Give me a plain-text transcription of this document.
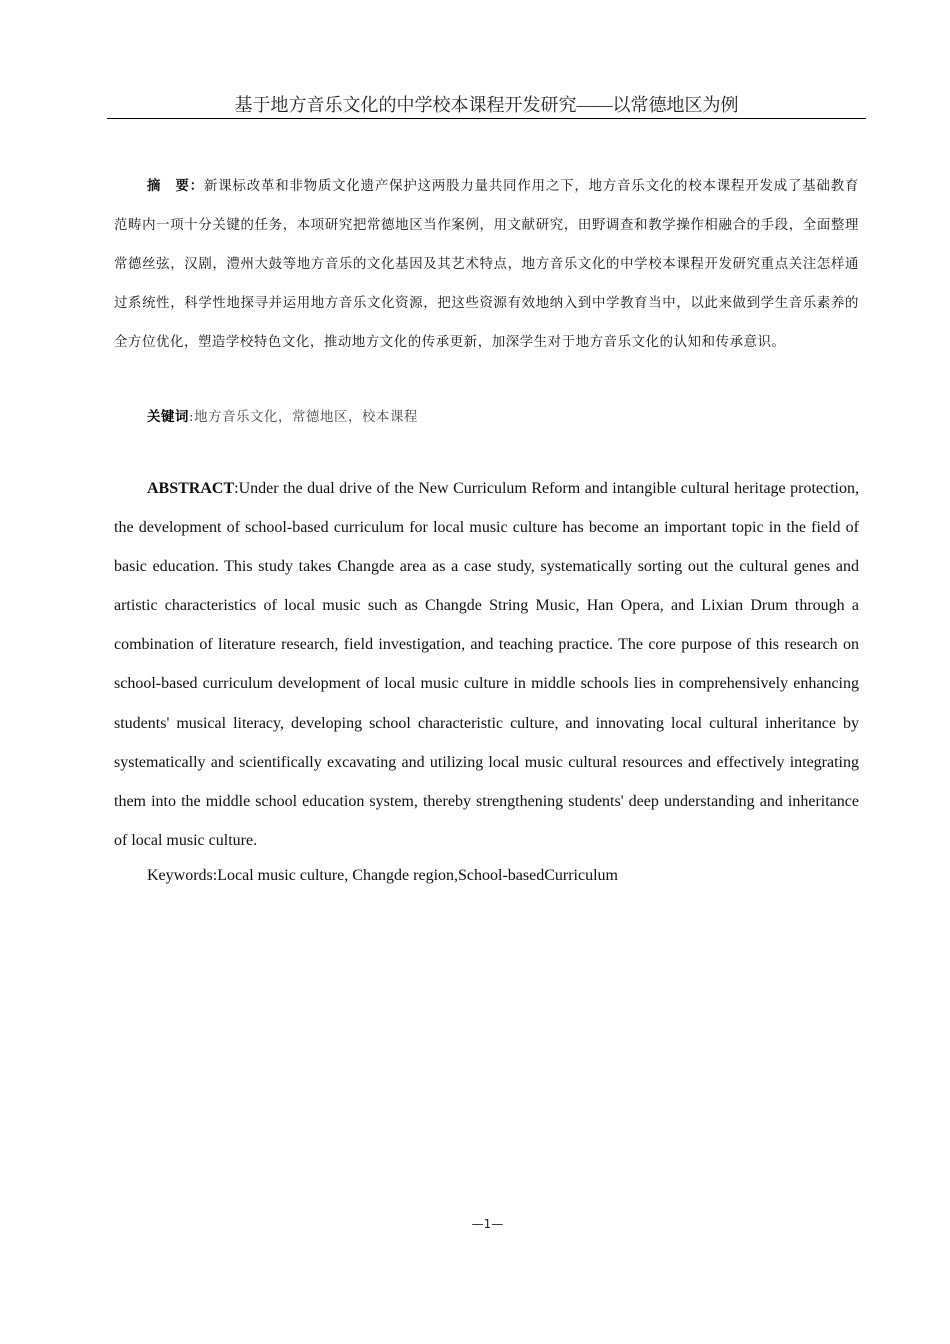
基于地方音乐文化的中学校本课程开发研究——以常德地区为例

摘　要：新课标改革和非物质文化遗产保护这两股力量共同作用之下，地方音乐文化的校本课程开发成了基础教育范畴内一项十分关键的任务，本项研究把常德地区当作案例，用文献研究，田野调查和教学操作相融合的手段，全面整理常德丝弦，汉剧，澧州大鼓等地方音乐的文化基因及其艺术特点，地方音乐文化的中学校本课程开发研究重点关注怎样通过系统性，科学性地探寻并运用地方音乐文化资源，把这些资源有效地纳入到中学教育当中，以此来做到学生音乐素养的全方位优化，塑造学校特色文化，推动地方文化的传承更新，加深学生对于地方音乐文化的认知和传承意识。

关键词:地方音乐文化，常德地区，校本课程

ABSTRACT:Under the dual drive of the New Curriculum Reform and intangible cultural heritage protection, the development of school-based curriculum for local music culture has become an important topic in the field of basic education. This study takes Changde area as a case study, systematically sorting out the cultural genes and artistic characteristics of local music such as Changde String Music, Han Opera, and Lixian Drum through a combination of literature research, field investigation, and teaching practice. The core purpose of this research on school-based curriculum development of local music culture in middle schools lies in comprehensively enhancing students' musical literacy, developing school characteristic culture, and innovating local cultural inheritance by systematically and scientifically excavating and utilizing local music cultural resources and effectively integrating them into the middle school education system, thereby strengthening students' deep understanding and inheritance of local music culture.

Keywords:Local music culture, Changde region,School-basedCurriculum

—1—
